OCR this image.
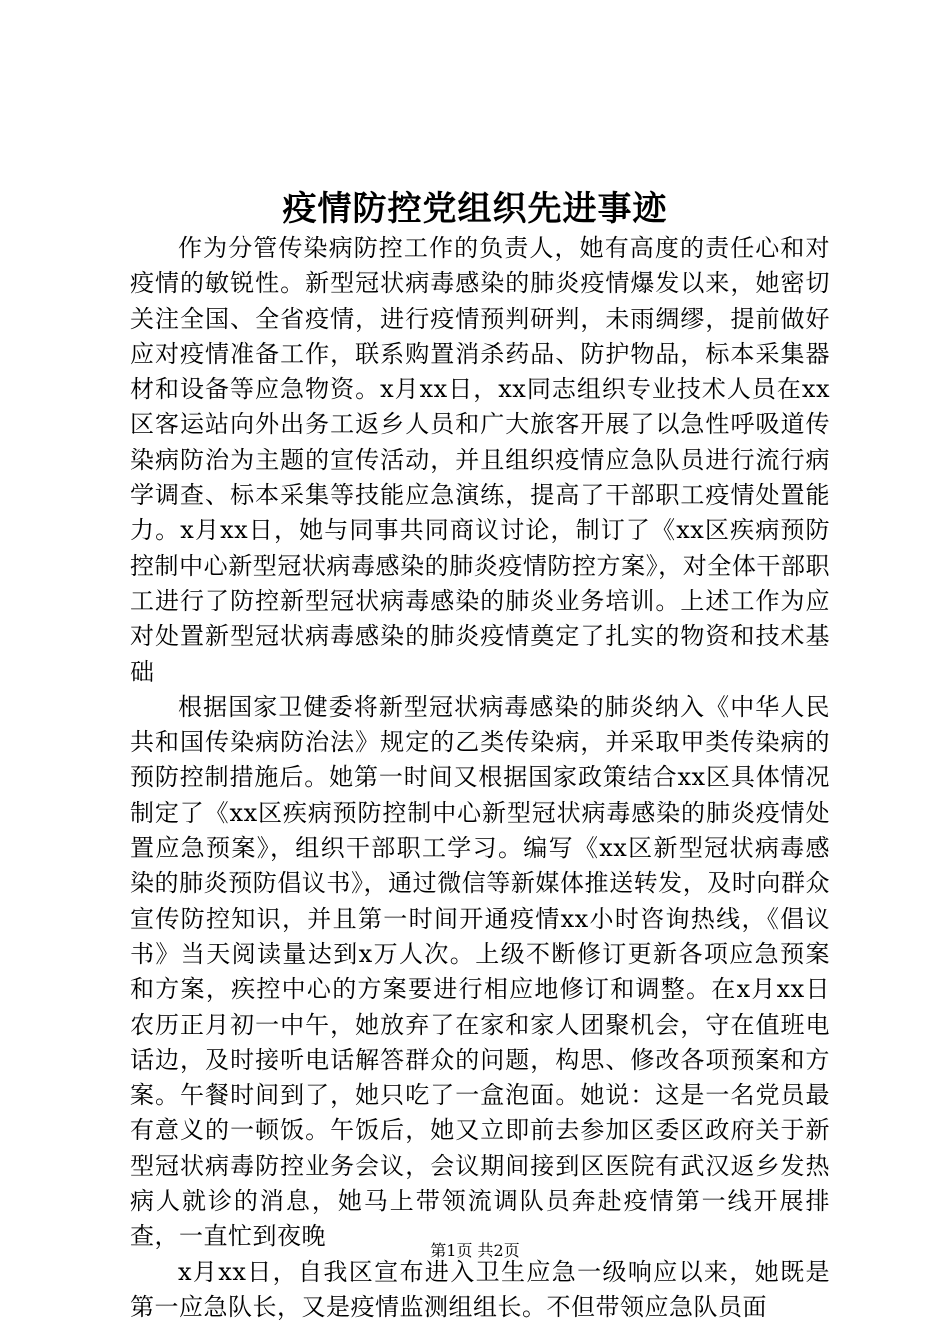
疫情防控党组织先进事迹

作为分管传染病防控工作的负责人，她有高度的责任心和对疫情的敏锐性。新型冠状病毒感染的肺炎疫情爆发以来，她密切关注全国、全省疫情，进行疫情预判研判，未雨绸缪，提前做好应对疫情准备工作，联系购置消杀药品、防护物品，标本采集器材和设备等应急物资。x月xx日，xx同志组织专业技术人员在xx区客运站向外出务工返乡人员和广大旅客开展了以急性呼吸道传染病防治为主题的宣传活动，并且组织疫情应急队员进行流行病学调查、标本采集等技能应急演练，提高了干部职工疫情处置能力。x月xx日，她与同事共同商议讨论，制订了《xx区疾病预防控制中心新型冠状病毒感染的肺炎疫情防控方案》，对全体干部职工进行了防控新型冠状病毒感染的肺炎业务培训。上述工作为应对处置新型冠状病毒感染的肺炎疫情奠定了扎实的物资和技术基础

根据国家卫健委将新型冠状病毒感染的肺炎纳入《中华人民共和国传染病防治法》规定的乙类传染病，并采取甲类传染病的预防控制措施后。她第一时间又根据国家政策结合xx区具体情况制定了《xx区疾病预防控制中心新型冠状病毒感染的肺炎疫情处置应急预案》，组织干部职工学习。编写《xx区新型冠状病毒感染的肺炎预防倡议书》，通过微信等新媒体推送转发，及时向群众宣传防控知识，并且第一时间开通疫情xx小时咨询热线，《倡议书》当天阅读量达到x万人次。上级不断修订更新各项应急预案和方案，疾控中心的方案要进行相应地修订和调整。在x月xx日农历正月初一中午，她放弃了在家和家人团聚机会，守在值班电话边，及时接听电话解答群众的问题，构思、修改各项预案和方案。午餐时间到了，她只吃了一盒泡面。她说：这是一名党员最有意义的一顿饭。午饭后，她又立即前去参加区委区政府关于新型冠状病毒防控业务会议，会议期间接到区医院有武汉返乡发热病人就诊的消息，她马上带领流调队员奔赴疫情第一线开展排查，一直忙到夜晚

x月xx日，自我区宣布进入卫生应急一级响应以来，她既是第一应急队长，又是疫情监测组组长。不但带领应急队员面

第1页 共2页
